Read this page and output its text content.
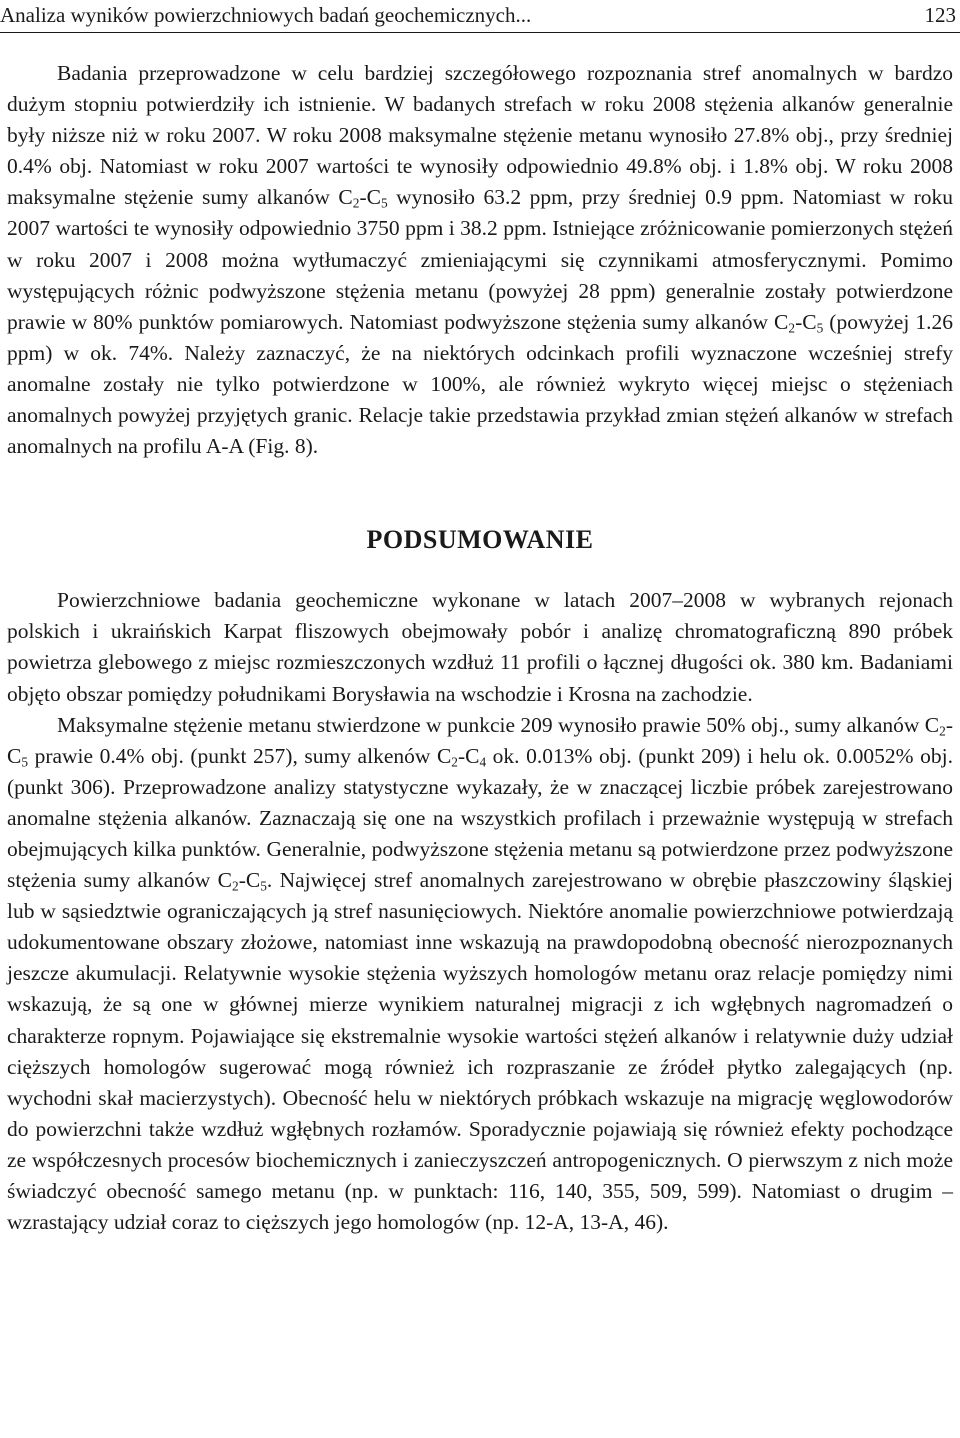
Analiza wyników powierzchniowych badań geochemicznych...	123

Badania przeprowadzone w celu bardziej szczegółowego rozpoznania stref anomalnych w bardzo dużym stopniu potwierdziły ich istnienie. W badanych strefach w roku 2008 stężenia alkanów generalnie były niższe niż w roku 2007. W roku 2008 maksymalne stężenie metanu wynosiło 27.8% obj., przy średniej 0.4% obj. Natomiast w roku 2007 wartości te wynosiły odpowiednio 49.8% obj. i 1.8% obj. W roku 2008 maksymalne stężenie sumy alkanów $C_2-C_5$ wynosiło 63.2 ppm, przy średniej 0.9 ppm. Natomiast w roku 2007 wartości te wynosiły odpowiednio 3750 ppm i 38.2 ppm. Istniejące zróżnicowanie pomierzonych stężeń w roku 2007 i 2008 można wytłumaczyć zmieniającymi się czynnikami atmosferycznymi. Pomimo występujących różnic podwyższone stężenia metanu (powyżej 28 ppm) generalnie zostały potwierdzone prawie w 80% punktów pomiarowych. Natomiast podwyższone stężenia sumy alkanów $C_2-C_5$ (powyżej 1.26 ppm) w ok. 74%. Należy zaznaczyć, że na niektórych odcinkach profili wyznaczone wcześniej strefy anomalne zostały nie tylko potwierdzone w 100%, ale również wykryto więcej miejsc o stężeniach anomalnych powyżej przyjętych granic. Relacje takie przedstawia przykład zmian stężeń alkanów w strefach anomalnych na profilu A-A (Fig. 8).

PODSUMOWANIE

Powierzchniowe badania geochemiczne wykonane w latach 2007–2008 w wybranych rejonach polskich i ukraińskich Karpat fliszowych obejmowały pobór i analizę chromatograficzną 890 próbek powietrza glebowego z miejsc rozmieszczonych wzdłuż 11 profili o łącznej długości ok. 380 km. Badaniami objęto obszar pomiędzy południkami Borysławia na wschodzie i Krosna na zachodzie.

Maksymalne stężenie metanu stwierdzone w punkcie 209 wynosiło prawie 50% obj., sumy alkanów $C_2-C_5$ prawie 0.4% obj. (punkt 257), sumy alkenów $C_2-C_4$ ok. 0.013% obj. (punkt 209) i helu ok. 0.0052% obj. (punkt 306). Przeprowadzone analizy statystyczne wykazały, że w znaczącej liczbie próbek zarejestrowano anomalne stężenia alkanów. Zaznaczają się one na wszystkich profilach i przeważnie występują w strefach obejmujących kilka punktów. Generalnie, podwyższone stężenia metanu są potwierdzone przez podwyższone stężenia sumy alkanów $C_2-C_5$. Najwięcej stref anomalnych zarejestrowano w obrębie płaszczowiny śląskiej lub w sąsiedztwie ograniczających ją stref nasunięciowych. Niektóre anomalie powierzchniowe potwierdzają udokumentowane obszary złożowe, natomiast inne wskazują na prawdopodobną obecność nierozpoznanych jeszcze akumulacji. Relatywnie wysokie stężenia wyższych homologów metanu oraz relacje pomiędzy nimi wskazują, że są one w głównej mierze wynikiem naturalnej migracji z ich wgłębnych nagromadzeń o charakterze ropnym. Pojawiające się ekstremalnie wysokie wartości stężeń alkanów i relatywnie duży udział cięższych homologów sugerować mogą również ich rozpraszanie ze źródeł płytko zalegających (np. wychodni skał macierzystych). Obecność helu w niektórych próbkach wskazuje na migrację węglowodorów do powierzchni także wzdłuż wgłębnych rozłamów. Sporadycznie pojawiają się również efekty pochodzące ze współczesnych procesów biochemicznych i zanieczyszczeń antropogenicznych. O pierwszym z nich może świadczyć obecność samego metanu (np. w punktach: 116, 140, 355, 509, 599). Natomiast o drugim – wzrastający udział coraz to cięższych jego homologów (np. 12-A, 13-A, 46).
